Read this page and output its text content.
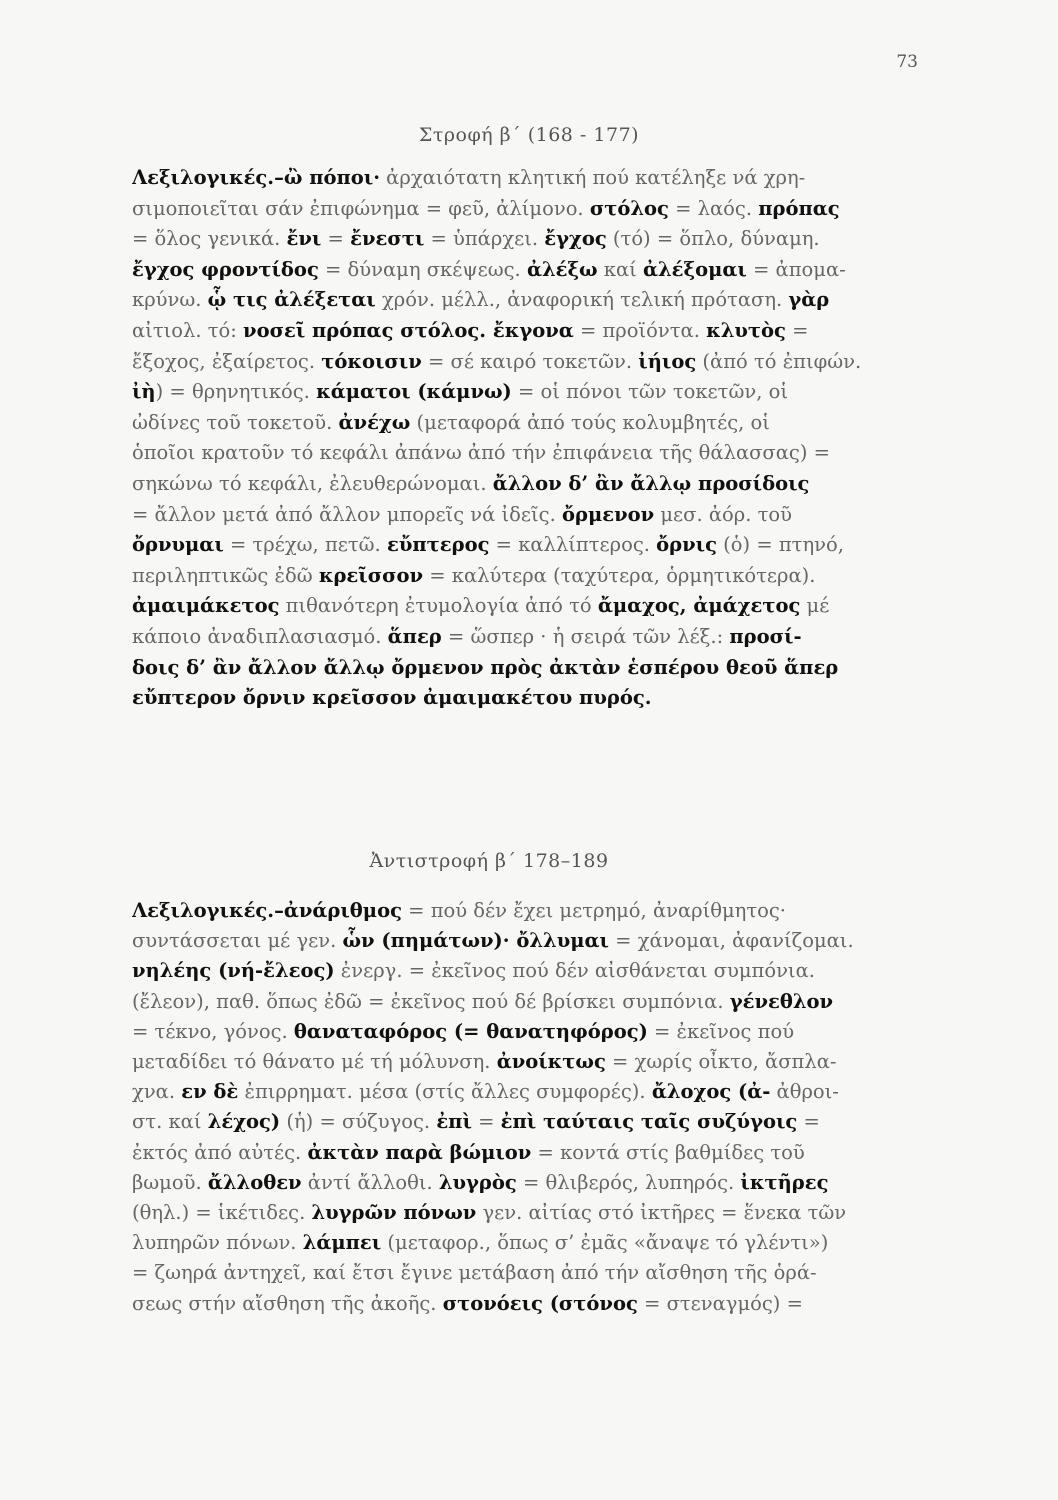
73
Στροφή β΄ (168 - 177)
Λεξιλογικές.–ὢ πόποι· ἀρχαιότατη κλητική πού κατέληξε νά χρη-
σιμοποιεῖται σάν ἐπιφώνημα = φεῦ, ἀλίμονο. στόλος = λαός. πρόπας
= ὅλος γενικά. ἔνι = ἔνεστι = ὑπάρχει. ἔγχος (τό) = ὅπλο, δύναμη.
ἔγχος φροντίδος = δύναμη σκέψεως. ἀλέξω καί ἀλέξομαι = ἀπομα-
κρύνω. ᾧ τις ἀλέξεται χρόν. μέλλ., ἀναφορική τελική πρόταση. γὰρ
αἰτιολ. τό: νοσεῖ πρόπας στόλος. ἔκγονα = προϊόντα. κλυτὸς =
ἔξοχος, ἐξαίρετος. τόκοισιν = σέ καιρό τοκετῶν. ἰήιος (ἀπό τό ἐπιφών.
ἰὴ) = θρηνητικός. κάματοι (κάμνω) = οἱ πόνοι τῶν τοκετῶν, οἱ
ὠδίνες τοῦ τοκετοῦ. ἀνέχω (μεταφορά ἀπό τούς κολυμβητές, οἱ
ὁποῖοι κρατοῦν τό κεφάλι ἀπάνω ἀπό τήν ἐπιφάνεια τῆς θάλασσας) =
σηκώνω τό κεφάλι, ἐλευθερώνομαι. ἄλλον δ’ ἂν ἄλλῳ προσίδοις
= ἄλλον μετά ἀπό ἄλλον μπορεῖς νά ἰδεῖς. ὄρμενον μεσ. ἀόρ. τοῦ
ὄρνυμαι = τρέχω, πετῶ. εὔπτερος = καλλίπτερος. ὄρνις (ὁ) = πτηνό,
περιληπτικῶς ἐδῶ κρεῖσσον = καλύτερα (ταχύτερα, ὁρμητικότερα).
ἀμαιμάκετος πιθανότερη ἐτυμολογία ἀπό τό ἄμαχος, ἀμάχετος μέ
κάποιο ἀναδιπλασιασμό. ἅπερ = ὥσπερ · ἡ σειρά τῶν λέξ.: προσί-
δοις δ’ ἂν ἄλλον ἄλλῳ ὄρμενον πρὸς ἀκτὰν ἑσπέρου θεοῦ ἅπερ
εὔπτερον ὄρνιν κρεῖσσον ἀμαιμακέτου πυρός.
Ἀντιστροφή β΄ 178–189
Λεξιλογικές.–ἀνάριθμος = πού δέν ἔχει μετρημό, ἀναρίθμητος·
συντάσσεται μέ γεν. ὧν (πημάτων)· ὄλλυμαι = χάνομαι, ἀφανίζομαι.
νηλέης (νή-ἔλεος) ἐνεργ. = ἐκεῖνος πού δέν αἰσθάνεται συμπόνια.
(ἔλεον), παθ. ὅπως ἐδῶ = ἐκεῖνος πού δέ βρίσκει συμπόνια. γένεθλον
= τέκνο, γόνος. θαναταφόρος (= θανατηφόρος) = ἐκεῖνος πού
μεταδίδει τό θάνατο μέ τή μόλυνση. ἀνοίκτως = χωρίς οἶκτο, ἄσπλα-
χνα. εν δὲ ἐπιρρηματ. μέσα (στίς ἄλλες συμφορές). ἄλοχος (ἀ- ἀθροι-
στ. καί λέχος) (ἡ) = σύζυγος. ἐπὶ = ἐπὶ ταύταις ταῖς συζύγοις =
ἐκτός ἀπό αὐτές. ἀκτὰν παρὰ βώμιον = κοντά στίς βαθμίδες τοῦ
βωμοῦ. ἄλλοθεν ἀντί ἄλλοθι. λυγρὸς = θλιβερός, λυπηρός. ἰκτῆρες
(θηλ.) = ἱκέτιδες. λυγρῶν πόνων γεν. αἰτίας στό ἰκτῆρες = ἕνεκα τῶν
λυπηρῶν πόνων. λάμπει (μεταφορ., ὅπως σ’ ἐμᾶς «ἄναψε τό γλέντι»)
= ζωηρά ἀντηχεῖ, καί ἔτσι ἔγινε μετάβαση ἀπό τήν αἴσθηση τῆς ὁρά-
σεως στήν αἴσθηση τῆς ἀκοῆς. στονόεις (στόνος = στεναγμός) =
